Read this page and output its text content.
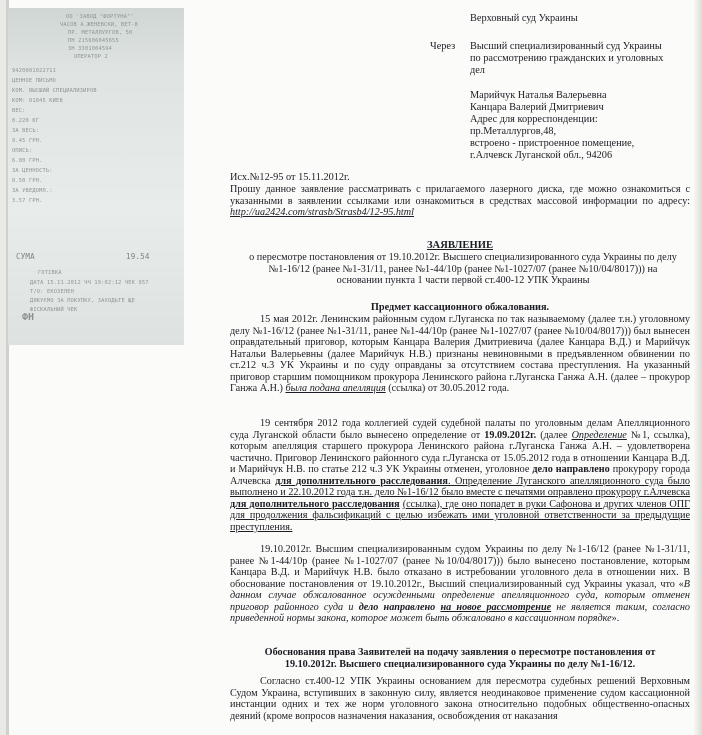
ОО 'ЗАВОД "ФОРТУНА"'
ЧАСОВ А.ЖЕНЕВСКИ, ВЕТ-8
ПР. МЕТАЛЛУРГОВ, 50
ПН 215606045655
ЗН 3301004594
ОПЕРАТОР 2
9420001022711
ЦЕННОЕ ПИСЬМО
КОМ. ВЫСШИЙ СПЕЦИАЛИЗИРОВ
КОМ: 01045 КИЕВ
ВЕС:
0.220 КГ
ЗА ВЕСЬ:
9.45 ГРН.
ОПИСЬ:
6.00 ГРН.
ЗА ЦЕННОСТЬ:
0.50 ГРН.
ЗА УВЕДОМЛ.:
3.57 ГРН.
СУМА	19.54
ГОТІВКА
ДАТА 15.11.2012 ЧЧ 19:02:12 ЧЕК 957
Т/О: ЕКОЗЕЛЕН
ДЯКУЄМО ЗА ПОКУПКУ, ЗАХОДЬТЕ ЩЕ
ФІСКАЛЬНИЙ ЧЕК
ФН
Верховный суд Украины
Через Высший специализированный суд Украины
по рассмотрению гражданских и уголовных
дел
Марийчук Наталья Валерьевна
Канцара Валерий Дмитриевич
Адрес для корреспонденции:
пр.Металлургов,48,
встроено - пристроенное помещение,
г.Алчевск Луганской обл., 94206
Исх.№12-95 от 15.11.2012г.

Прошу данное заявление рассматривать с прилагаемого лазерного диска, где можно ознакомиться с указанными в заявлении ссылками или ознакомиться в средствах массовой информации по адресу: http://ua2424.com/strasb/Strasb4/12-95.html

ЗАЯВЛЕНИЕ
о пересмотре постановления от 19.10.2012г. Высшего специализированного суда Украины по делу №1-16/12 (ранее №1-31/11, ранее №1-44/10р (ранее №1-1027/07 (ранее №10/04/8017))) на основании пункта 1 части первой ст.400-12 УПК Украины
Предмет кассационного обжалования.

15 мая 2012г. Ленинским районным судом г.Луганска по так называемому (далее т.н.) уголовному делу №1-16/12 (ранее №1-31/11, ранее №1-44/10р (ранее №1-1027/07 (ранее №10/04/8017))) был вынесен оправдательный приговор, которым Канцара Валерия Дмитриевича (далее Канцара В.Д.) и Марийчук Натальи Валерьевны (далее Марийчук Н.В.) признаны невиновными в предъявленном обвинении по ст.212 ч.3 УК Украины и по суду оправданы за отсутствием состава преступления. На указанный приговор старшим помощником прокурора Ленинского района г.Луганска Ганжа А.Н. (далее – прокурор Ганжа А.Н.) была подана апелляция (ссылка) от 30.05.2012 года.

19 сентября 2012 года коллегией судей судебной палаты по уголовным делам Апелляционного суда Луганской области было вынесено определение от 19.09.2012г. (далее Определение №1, ссылка), которым апелляция старшего прокурора Ленинского района г.Луганска Ганжа А.Н. – удовлетворена частично. Приговор Ленинского районного суда г.Луганска от 15.05.2012 года в отношении Канцара В.Д. и Марийчук Н.В. по статье 212 ч.3 УК Украины отменен, уголовное дело направлено прокурору города Алчевска для дополнительного расследования. Определение Луганского апелляционного суда было выполнено и 22.10.2012 года т.н. дело №1-16/12 было вместе с печатями оправлено прокурору г.Алчевска для дополнительного расследования (ссылка), где оно попадет в руки Сафонова и других членов ОПГ для продолжения фальсификаций с целью избежать ими уголовной ответственности за предыдущие преступления.

19.10.2012г. Высшим специализированным судом Украины по делу №1-16/12 (ранее №1-31/11, ранее №1-44/10р (ранее №1-1027/07 (ранее №10/04/8017))) было вынесено постановление, которым Канцара В.Д. и Марийчук Н.В. было отказано в истребовании уголовного дела в отношении них. В обоснование постановления от 19.10.2012г., Высший специализированный суд Украины указал, что «В данном случае обжалованное осужденными определение апелляционного суда, которым отменен приговор районного суда и дело направлено на новое рассмотрение не является таким, согласно приведенной нормы закона, которое может быть обжаловано в кассационном порядке».

Обоснования права Заявителей на подачу заявления о пересмотре постановления от 19.10.2012г. Высшего специализированного суда Украины по делу №1-16/12.
Согласно ст.400-12 УПК Украины основанием для пересмотра судебных решений Верховным Судом Украина, вступивших в законную силу, является неодинаковое применение судом кассационной инстанции одних и тех же норм уголовного закона относительно подобных общественно-опасных деяний (кроме вопросов назначения наказания, освобождения от наказания
